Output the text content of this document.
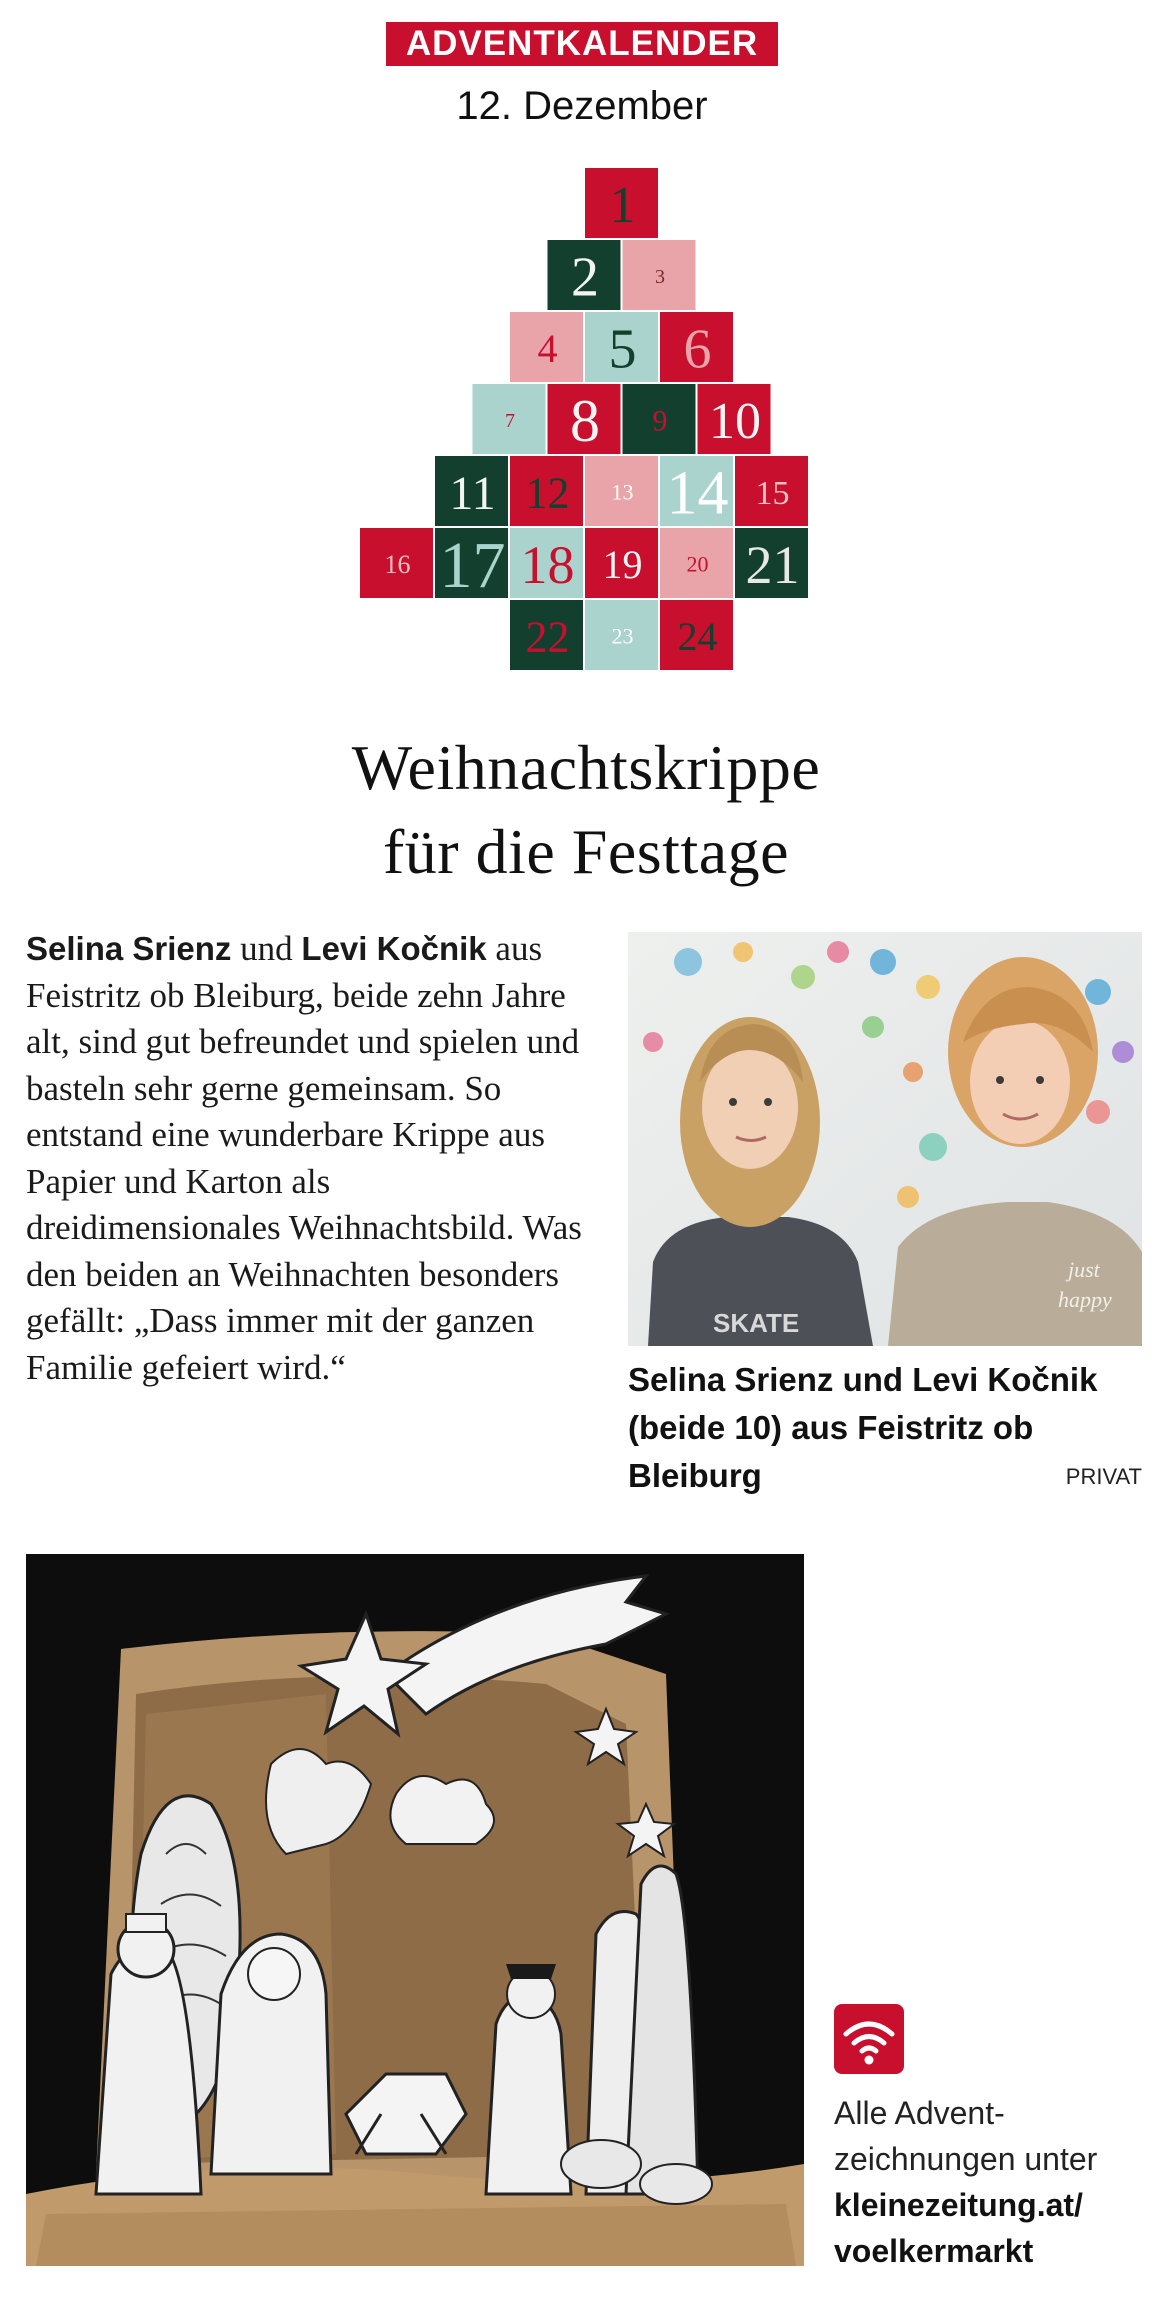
ADVENTKALENDER
12. Dezember
1
2	3
4 5 6
7 8 9 10
11 12 13 14 15
16 17 18 19 20 21
22 23 24
Weihnachtskrippe
für die Festtage
Selina Srienz und Levi Kočnik aus Feistritz ob Bleiburg, beide zehn Jahre alt, sind gut befreundet und spielen und basteln sehr gerne gemeinsam. So entstand eine wunderbare Krippe aus Papier und Karton als dreidimensionales Weihnachtsbild. Was den beiden an Weihnachten besonders gefällt: „Dass immer mit der ganzen Familie gefeiert wird.“
SKATE
just
happy
Selina Srienz und Levi Kočnik (beide 10) aus Feistritz ob Bleiburg	PRIVAT
Alle Advent-
zeichnungen unter
kleinezeitung.at/
voelkermarkt
